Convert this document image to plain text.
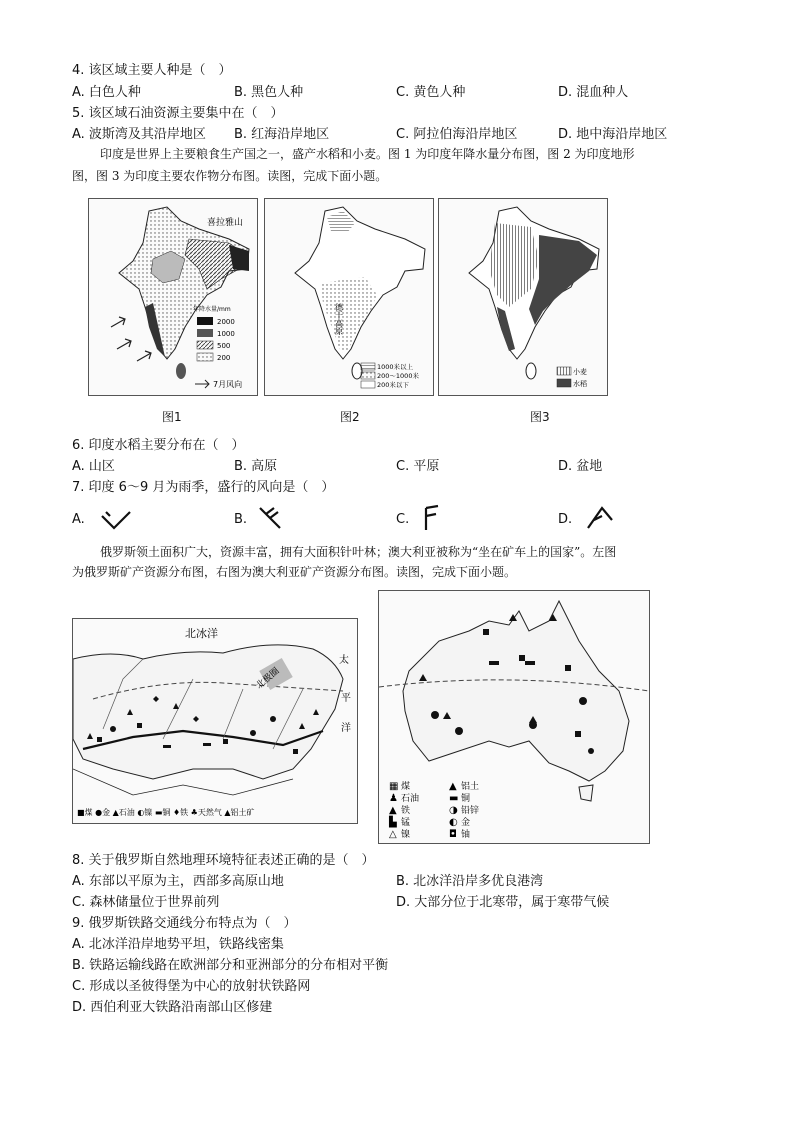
4. 该区域主要人种是（　）
A. 白色人种	B. 黑色人种	C. 黄色人种	D. 混血种人
5. 该区域石油资源主要集中在（　）
A. 波斯湾及其沿岸地区 B. 红海沿岸地区	C. 阿拉伯海沿岸地区	D. 地中海沿岸地区
印度是世界上主要粮食生产国之一，盛产水稻和小麦。图 1 为印度年降水量分布图，图 2 为印度地形
图，图 3 为印度主要农作物分布图。读图，完成下面小题。
喜拉雅山
年降水量/mm
2000
1000
500
200
7月风向
图1
德干高原
1000米以上
200～1000米
200米以下
图2
小麦
水稻
图3
6. 印度水稻主要分布在（　）
A. 山区	B. 高原	C. 平原	D. 盆地
7. 印度 6～9 月为雨季，盛行的风向是（　）
A.	B.	C.	D.
俄罗斯领土面积广大，资源丰富，拥有大面积针叶林；澳大利亚被称为“坐在矿车上的国家”。左图
为俄罗斯矿产资源分布图，右图为澳大利亚矿产资源分布图。读图，完成下面小题。
北冰洋
北极圈
太
平
洋
■煤 ●金 ▲石油 ◐镍 ▬铜 ♦铁 ♣天然气 ▲铝土矿
▦ 煤	▲ 铝土
♟ 石油	▬ 铜
▲ 铁	◑ 铅锌
▙ 锰	◐ 金
△ 镍	◘ 铀
8. 关于俄罗斯自然地理环境特征表述正确的是（　）
A. 东部以平原为主，西部多高原山地	B. 北冰洋沿岸多优良港湾
C. 森林储量位于世界前列	D. 大部分位于北寒带，属于寒带气候
9. 俄罗斯铁路交通线分布特点为（　）
A. 北冰洋沿岸地势平坦，铁路线密集
B. 铁路运输线路在欧洲部分和亚洲部分的分布相对平衡
C. 形成以圣彼得堡为中心的放射状铁路网
D. 西伯利亚大铁路沿南部山区修建
